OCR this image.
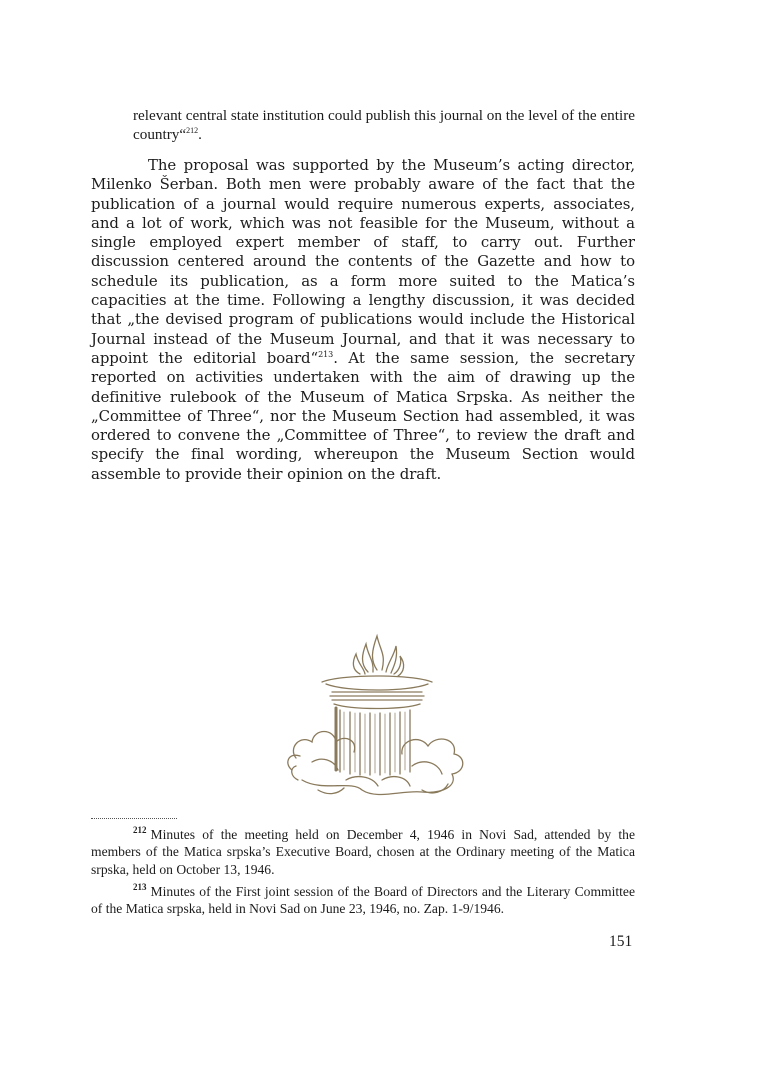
relevant central state institution could publish this journal on the level of the entire country“$^{212}$.
The proposal was supported by the Museum’s acting director, Milenko Šerban. Both men were probably aware of the fact that the publication of a journal would require numerous experts, associates, and a lot of work, which was not feasible for the Museum, without a single employed expert member of staff, to carry out. Further discussion centered around the contents of the Gazette and how to schedule its publication, as a form more suited to the Matica’s capacities at the time. Following a lengthy discussion, it was decided that „the devised program of publications would include the Historical Journal instead of the Museum Journal, and that it was necessary to appoint the editorial board“$^{213}$. At the same session, the secretary reported on activities undertaken with the aim of drawing up the definitive rulebook of the Museum of Matica Srpska. As neither the „Committee of Three“, nor the Museum Section had assembled, it was ordered to convene the „Committee of Three“, to review the draft and specify the final wording, whereupon the Museum Section would assemble to provide their opinion on the draft.

$^{212}$ Minutes of the meeting held on December 4, 1946 in Novi Sad, attended by the members of the Matica srpska’s Executive Board, chosen at the Ordinary meeting of the Matica srpska, held on October 13, 1946.

$^{213}$ Minutes of the First joint session of the Board of Directors and the Literary Committee of the Matica srpska, held in Novi Sad on June 23, 1946, no. Zap. 1-9/1946.

151
